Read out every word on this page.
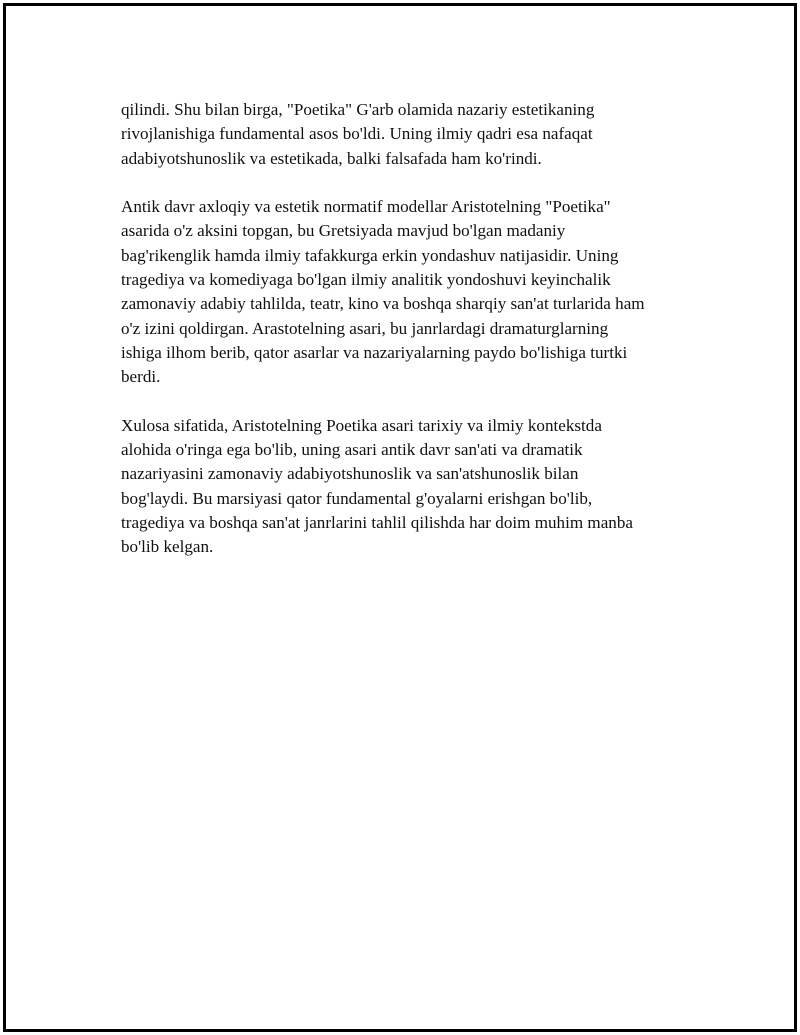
qilindi. Shu bilan birga, "Poetika" G'arb olamida nazariy estetikaning
rivojlanishiga fundamental asos bo'ldi. Uning ilmiy qadri esa nafaqat
adabiyotshunoslik va estetikada, balki falsafada ham ko'rindi.

Antik davr axloqiy va estetik normatif modellar Aristotelning "Poetika"
asarida o'z aksini topgan, bu Gretsiyada mavjud bo'lgan madaniy
bag'rikenglik hamda ilmiy tafakkurga erkin yondashuv natijasidir. Uning
tragediya va komediyaga bo'lgan ilmiy analitik yondoshuvi keyinchalik
zamonaviy adabiy tahlilda, teatr, kino va boshqa sharqiy san'at turlarida ham
o'z izini qoldirgan. Arastotelning asari, bu janrlardagi dramaturglarning
ishiga ilhom berib, qator asarlar va nazariyalarning paydo bo'lishiga turtki
berdi.

Xulosa sifatida, Aristotelning Poetika asari tarixiy va ilmiy kontekstda
alohida o'ringa ega bo'lib, uning asari antik davr san'ati va dramatik
nazariyasini zamonaviy adabiyotshunoslik va san'atshunoslik bilan
bog'laydi. Bu marsiyasi qator fundamental g'oyalarni erishgan bo'lib,
tragediya va boshqa san'at janrlarini tahlil qilishda har doim muhim manba
bo'lib kelgan.
